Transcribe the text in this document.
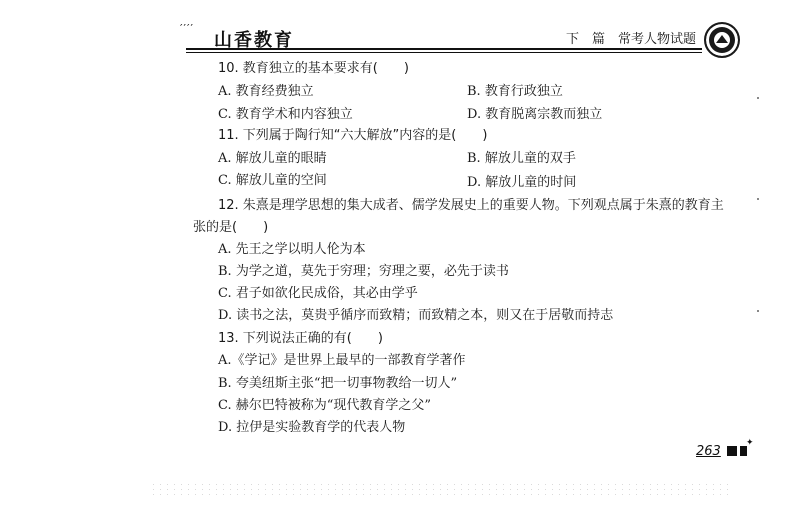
′′′′
山香教育	下　篇 常考人物试题
10. 教育独立的基本要求有(　　)
A. 教育经费独立	B. 教育行政独立
C. 教育学术和内容独立	D. 教育脱离宗教而独立
11. 下列属于陶行知“六大解放”内容的是(　　)
A. 解放儿童的眼睛	B. 解放儿童的双手
C. 解放儿童的空间	D. 解放儿童的时间
12. 朱熹是理学思想的集大成者、儒学发展史上的重要人物。下列观点属于朱熹的教育主
张的是(　　)
A. 先王之学以明人伦为本
B. 为学之道，莫先于穷理；穷理之要，必先于读书
C. 君子如欲化民成俗，其必由学乎
D. 读书之法，莫贵乎循序而致精；而致精之本，则又在于居敬而持志
13. 下列说法正确的有(　　)
A.《学记》是世界上最早的一部教育学著作
B. 夸美纽斯主张“把一切事物教给一切人”
C. 赫尔巴特被称为“现代教育学之父”
D. 拉伊是实验教育学的代表人物
263
✦
